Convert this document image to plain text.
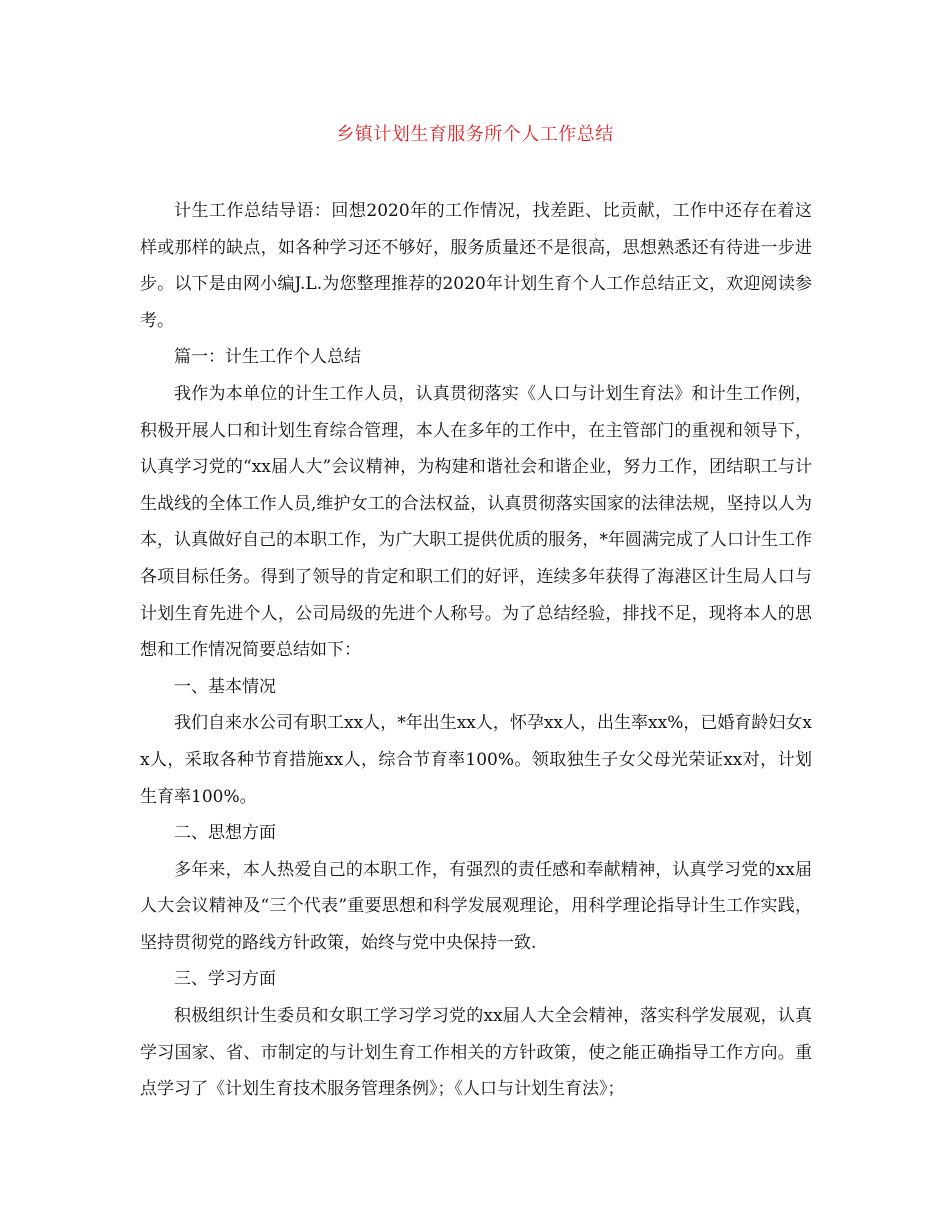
乡镇计划生育服务所个人工作总结

计生工作总结导语：回想2020年的工作情况，找差距、比贡献，工作中还存在着这样或那样的缺点，如各种学习还不够好，服务质量还不是很高，思想熟悉还有待进一步进步。以下是由网小编J.L.为您整理推荐的2020年计划生育个人工作总结正文，欢迎阅读参考。

篇一：计生工作个人总结

我作为本单位的计生工作人员，认真贯彻落实《人口与计划生育法》和计生工作例，积极开展人口和计划生育综合管理，本人在多年的工作中，在主管部门的重视和领导下，认真学习党的“xx届人大”会议精神，为构建和谐社会和谐企业，努力工作，团结职工与计生战线的全体工作人员,维护女工的合法权益，认真贯彻落实国家的法律法规，坚持以人为本，认真做好自己的本职工作，为广大职工提供优质的服务，*年圆满完成了人口计生工作各项目标任务。得到了领导的肯定和职工们的好评，连续多年获得了海港区计生局人口与计划生育先进个人，公司局级的先进个人称号。为了总结经验，排找不足，现将本人的思想和工作情况简要总结如下：

一、基本情况

我们自来水公司有职工xx人，*年出生xx人，怀孕xx人，出生率xx%，已婚育龄妇女xx人，采取各种节育措施xx人，综合节育率100%。领取独生子女父母光荣证xx对，计划生育率100%。

二、思想方面

多年来，本人热爱自己的本职工作，有强烈的责任感和奉献精神，认真学习党的xx届人大会议精神及“三个代表”重要思想和科学发展观理论，用科学理论指导计生工作实践，坚持贯彻党的路线方针政策，始终与党中央保持一致.

三、学习方面

积极组织计生委员和女职工学习学习党的xx届人大全会精神，落实科学发展观，认真学习国家、省、市制定的与计划生育工作相关的方针政策，使之能正确指导工作方向。重点学习了《计划生育技术服务管理条例》；《人口与计划生育法》；
